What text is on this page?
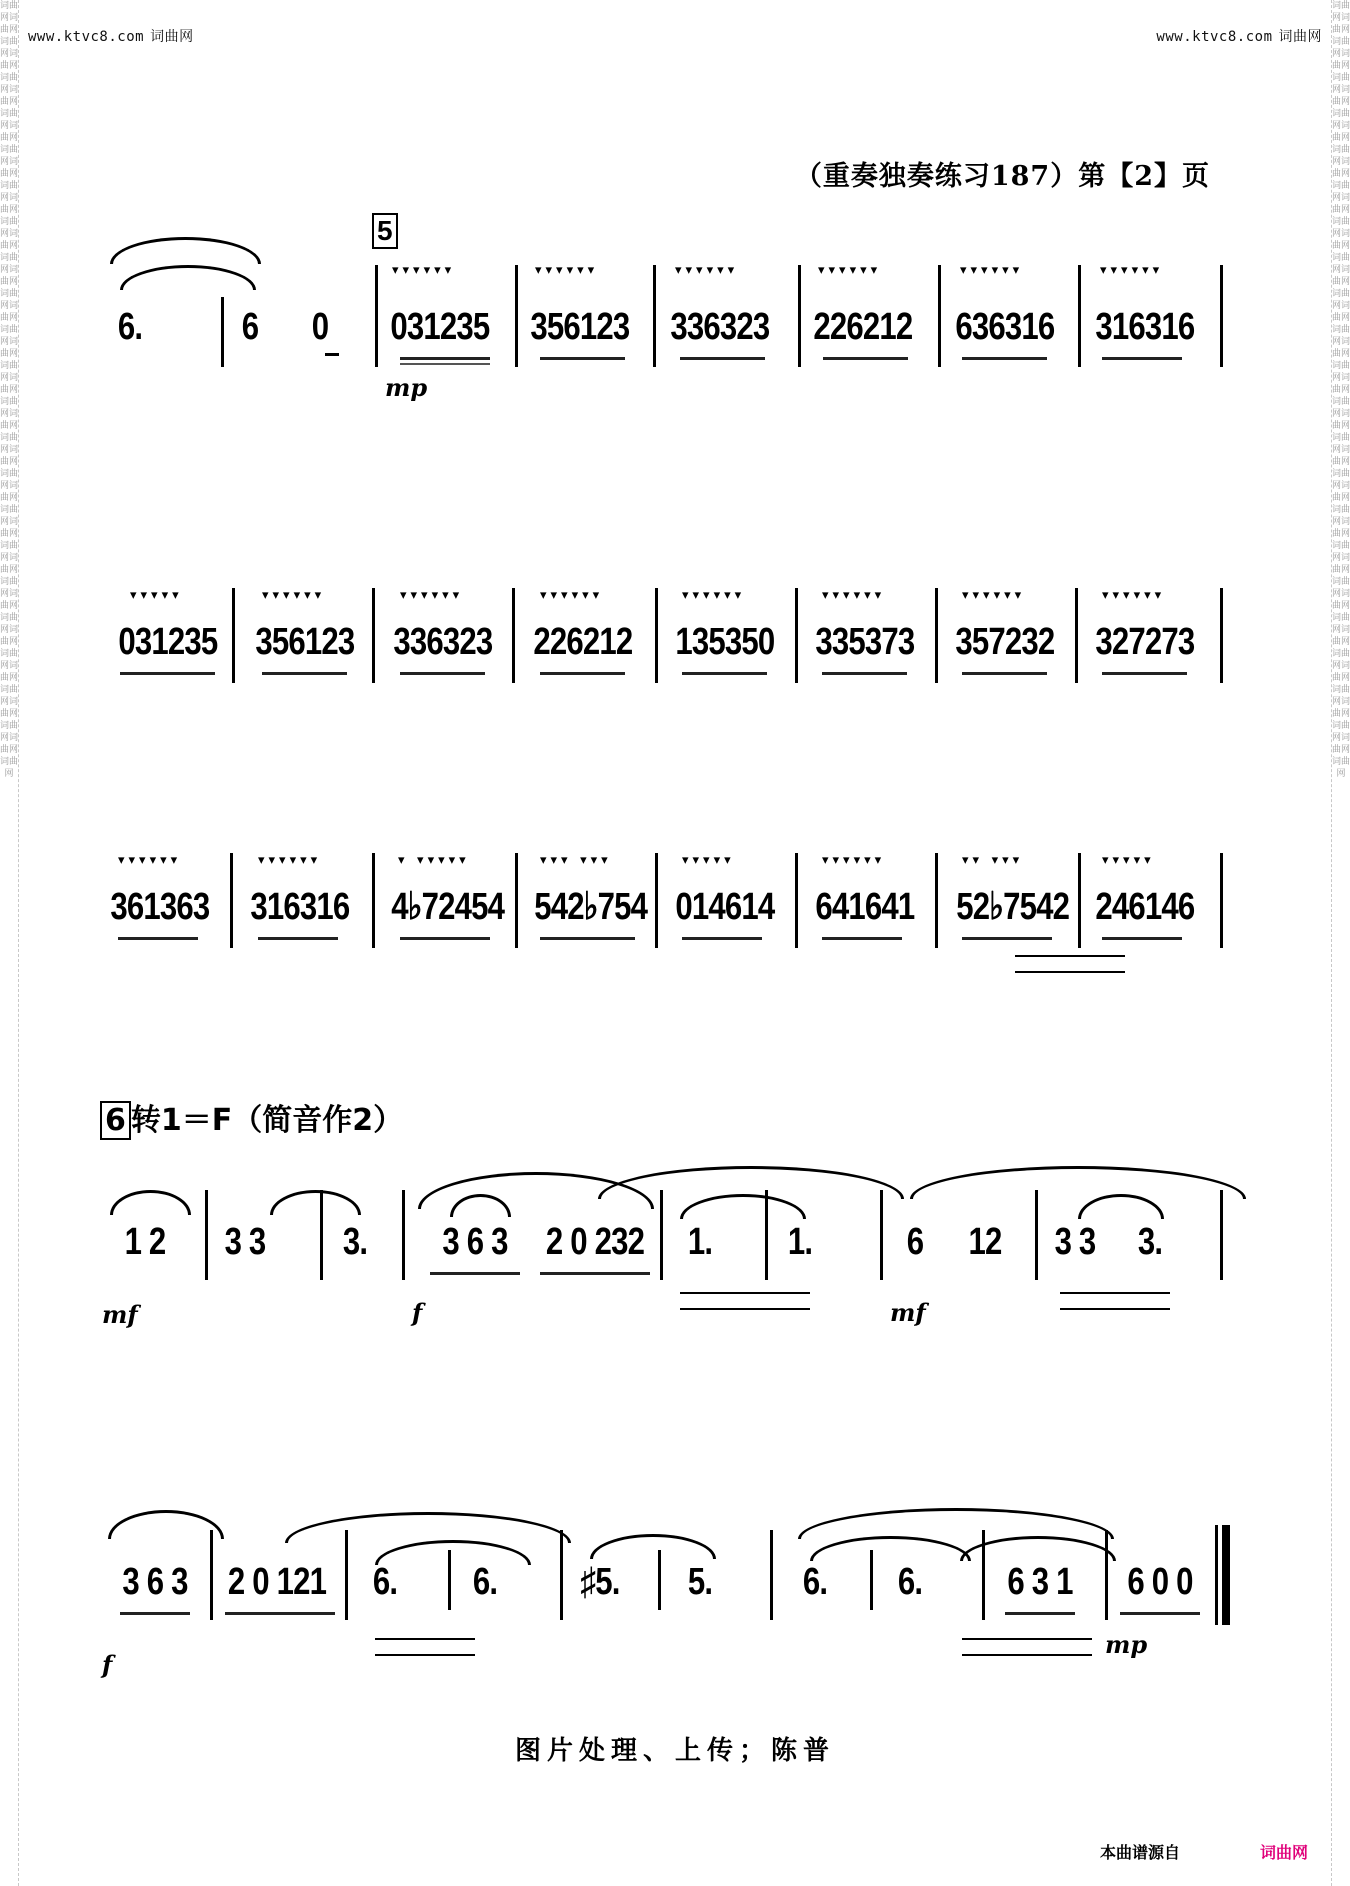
词曲网词曲网词曲网词曲网词曲网词曲网词曲网词曲网词曲网词曲网词曲网词曲网词曲网词曲网词曲网词曲网词曲网词曲网词曲网词曲网词曲网词曲网词曲网词曲网词曲网词曲网词曲网词曲网词曲网词曲网词曲网词曲网词曲网词曲网词曲网词曲网词曲网词曲网词曲网词曲网词曲网词曲网词曲网
词曲网词曲网词曲网词曲网词曲网词曲网词曲网词曲网词曲网词曲网词曲网词曲网词曲网词曲网词曲网词曲网词曲网词曲网词曲网词曲网词曲网词曲网词曲网词曲网词曲网词曲网词曲网词曲网词曲网词曲网词曲网词曲网词曲网词曲网词曲网词曲网词曲网词曲网词曲网词曲网词曲网词曲网词曲网
www.ktvc8.com 词曲网	www.ktvc8.com 词曲网
（重奏独奏练习187）第【2】页
5
6.	6	0
▾▾▾▾▾▾
031235
mp
▾▾▾▾▾▾
356123
▾▾▾▾▾▾
336323
▾▾▾▾▾▾
226212
▾▾▾▾▾▾
636316
▾▾▾▾▾▾
316316
▾▾▾▾▾
031235
▾▾▾▾▾▾
356123
▾▾▾▾▾▾
336323
▾▾▾▾▾▾
226212
▾▾▾▾▾▾
135350
▾▾▾▾▾▾
335373
▾▾▾▾▾▾
357232
▾▾▾▾▾▾
327273
▾▾▾▾▾▾
361363
▾▾▾▾▾▾
316316
▾ ▾▾▾▾▾
4♭72454
▾▾▾ ▾▾▾
542♭754
▾▾▾▾▾
014614
▾▾▾▾▾▾
641641
▾▾ ▾▾▾
52♭7542
▾▾▾▾▾
246146
6 转1＝F（简音作2）
1 2
mf
3 3	3.	3 6 3
f
2 0 232	1.	1.	6
mf
12 3 3	3.
3 6 3
f
2 0 121	6.	6.	♯5.	5.	6.	6.	6 3 1
mp
6 0 0
图片处理、上传；陈普
本曲谱源自	词曲网
